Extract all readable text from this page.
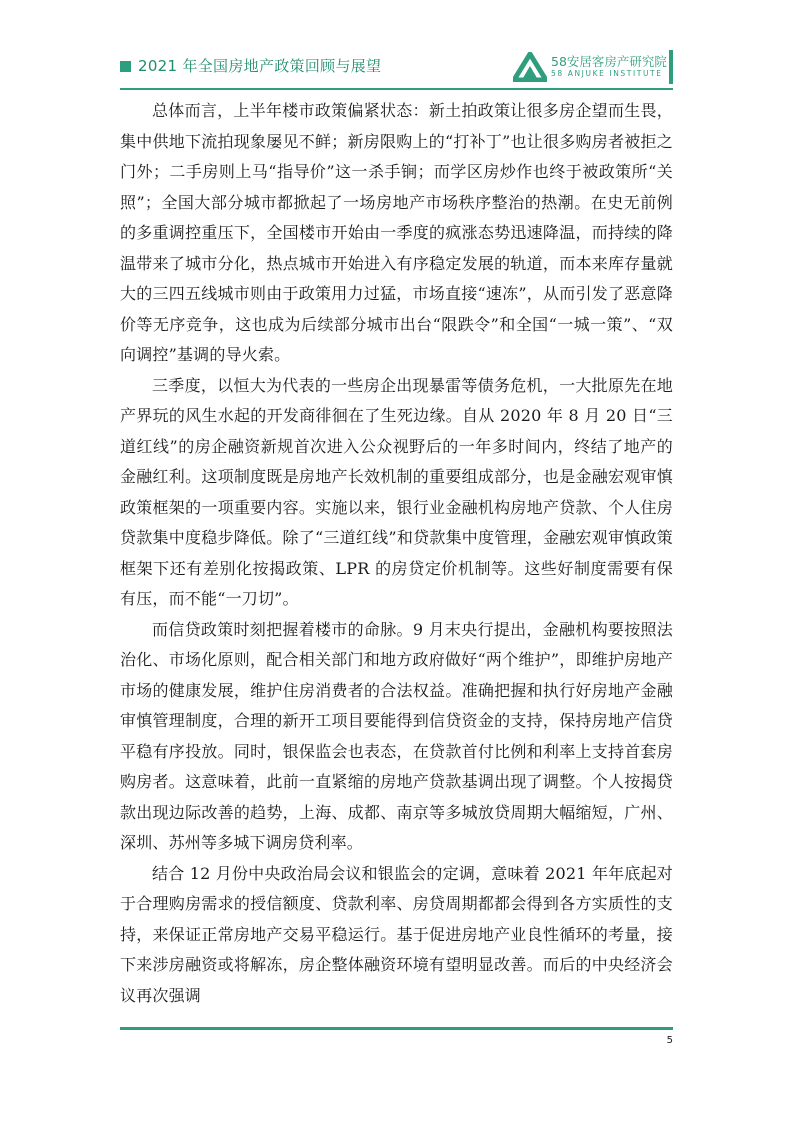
2021 年全国房地产政策回顾与展望	58安居客房产研究院
58 ANJUKE INSTITUTE

总体而言，上半年楼市政策偏紧状态：新土拍政策让很多房企望而生畏，集中供地下流拍现象屡见不鲜；新房限购上的“打补丁”也让很多购房者被拒之门外；二手房则上马“指导价”这一杀手锏；而学区房炒作也终于被政策所“关照”；全国大部分城市都掀起了一场房地产市场秩序整治的热潮。在史无前例的多重调控重压下，全国楼市开始由一季度的疯涨态势迅速降温，而持续的降温带来了城市分化，热点城市开始进入有序稳定发展的轨道，而本来库存量就大的三四五线城市则由于政策用力过猛，市场直接“速冻”，从而引发了恶意降价等无序竞争，这也成为后续部分城市出台“限跌令”和全国“一城一策”、“双向调控”基调的导火索。

三季度，以恒大为代表的一些房企出现暴雷等债务危机，一大批原先在地产界玩的风生水起的开发商徘徊在了生死边缘。自从 2020 年 8 月 20 日“三道红线”的房企融资新规首次进入公众视野后的一年多时间内，终结了地产的金融红利。这项制度既是房地产长效机制的重要组成部分，也是金融宏观审慎政策框架的一项重要内容。实施以来，银行业金融机构房地产贷款、个人住房贷款集中度稳步降低。除了“三道红线”和贷款集中度管理，金融宏观审慎政策框架下还有差别化按揭政策、LPR 的房贷定价机制等。这些好制度需要有保有压，而不能“一刀切”。

而信贷政策时刻把握着楼市的命脉。9 月末央行提出，金融机构要按照法治化、市场化原则，配合相关部门和地方政府做好“两个维护”，即维护房地产市场的健康发展，维护住房消费者的合法权益。准确把握和执行好房地产金融审慎管理制度，合理的新开工项目要能得到信贷资金的支持，保持房地产信贷平稳有序投放。同时，银保监会也表态，在贷款首付比例和利率上支持首套房购房者。这意味着，此前一直紧缩的房地产贷款基调出现了调整。个人按揭贷款出现边际改善的趋势，上海、成都、南京等多城放贷周期大幅缩短，广州、深圳、苏州等多城下调房贷利率。

结合 12 月份中央政治局会议和银监会的定调，意味着 2021 年年底起对于合理购房需求的授信额度、贷款利率、房贷周期都都会得到各方实质性的支持，来保证正常房地产交易平稳运行。基于促进房地产业良性循环的考量，接下来涉房融资或将解冻，房企整体融资环境有望明显改善。而后的中央经济会议再次强调

5
